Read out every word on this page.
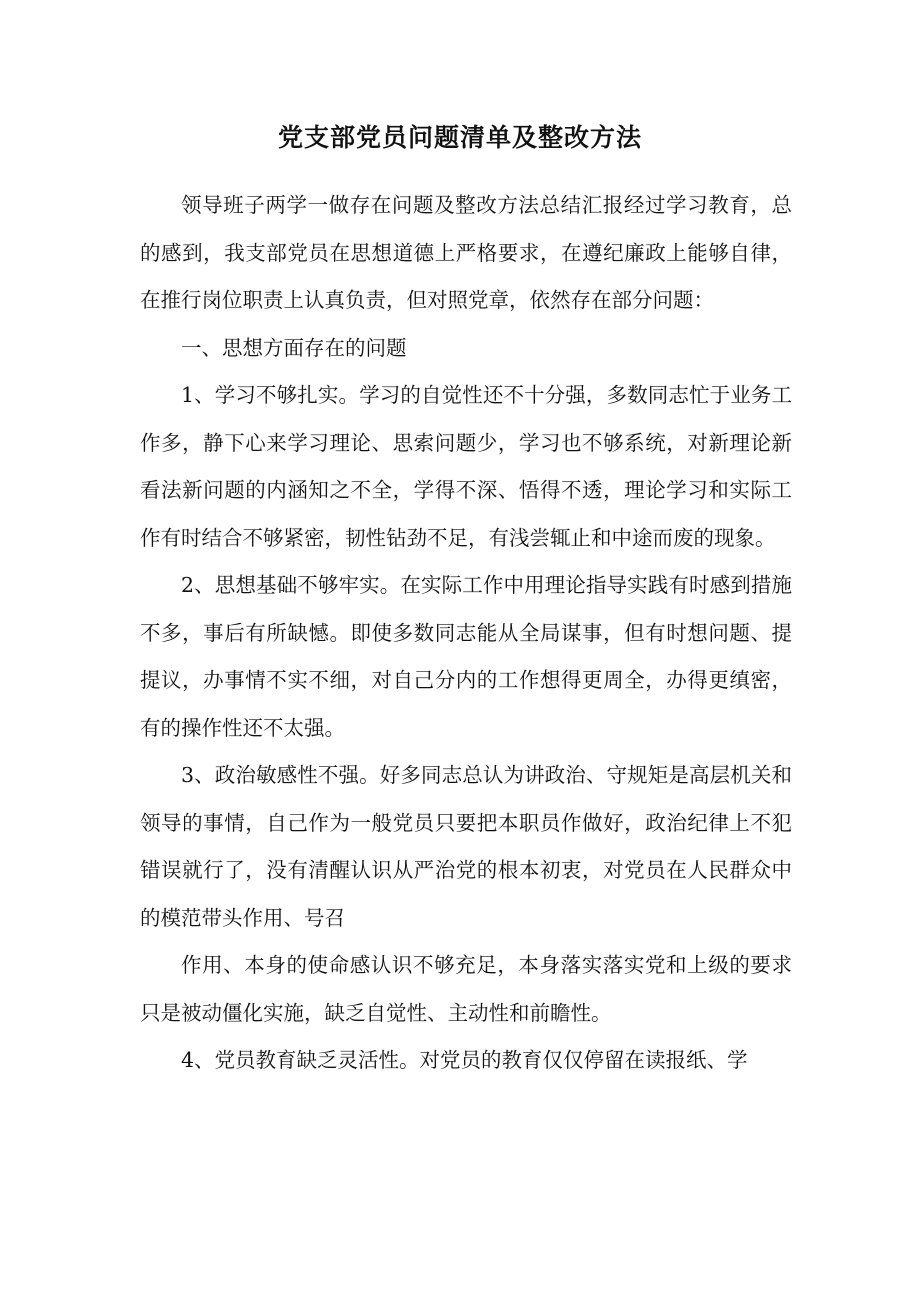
党支部党员问题清单及整改方法

领导班子两学一做存在问题及整改方法总结汇报经过学习教育，总的感到，我支部党员在思想道德上严格要求，在遵纪廉政上能够自律，在推行岗位职责上认真负责，但对照党章，依然存在部分问题：

一、思想方面存在的问题

1、学习不够扎实。学习的自觉性还不十分强，多数同志忙于业务工作多，静下心来学习理论、思索问题少，学习也不够系统，对新理论新看法新问题的内涵知之不全，学得不深、悟得不透，理论学习和实际工作有时结合不够紧密，韧性钻劲不足，有浅尝辄止和中途而废的现象。

2、思想基础不够牢实。在实际工作中用理论指导实践有时感到措施不多，事后有所缺憾。即使多数同志能从全局谋事，但有时想问题、提提议，办事情不实不细，对自己分内的工作想得更周全，办得更缜密，有的操作性还不太强。

3、政治敏感性不强。好多同志总认为讲政治、守规矩是高层机关和领导的事情，自己作为一般党员只要把本职员作做好，政治纪律上不犯错误就行了，没有清醒认识从严治党的根本初衷，对党员在人民群众中的模范带头作用、号召

作用、本身的使命感认识不够充足，本身落实落实党和上级的要求只是被动僵化实施，缺乏自觉性、主动性和前瞻性。

4、党员教育缺乏灵活性。对党员的教育仅仅停留在读报纸、学
